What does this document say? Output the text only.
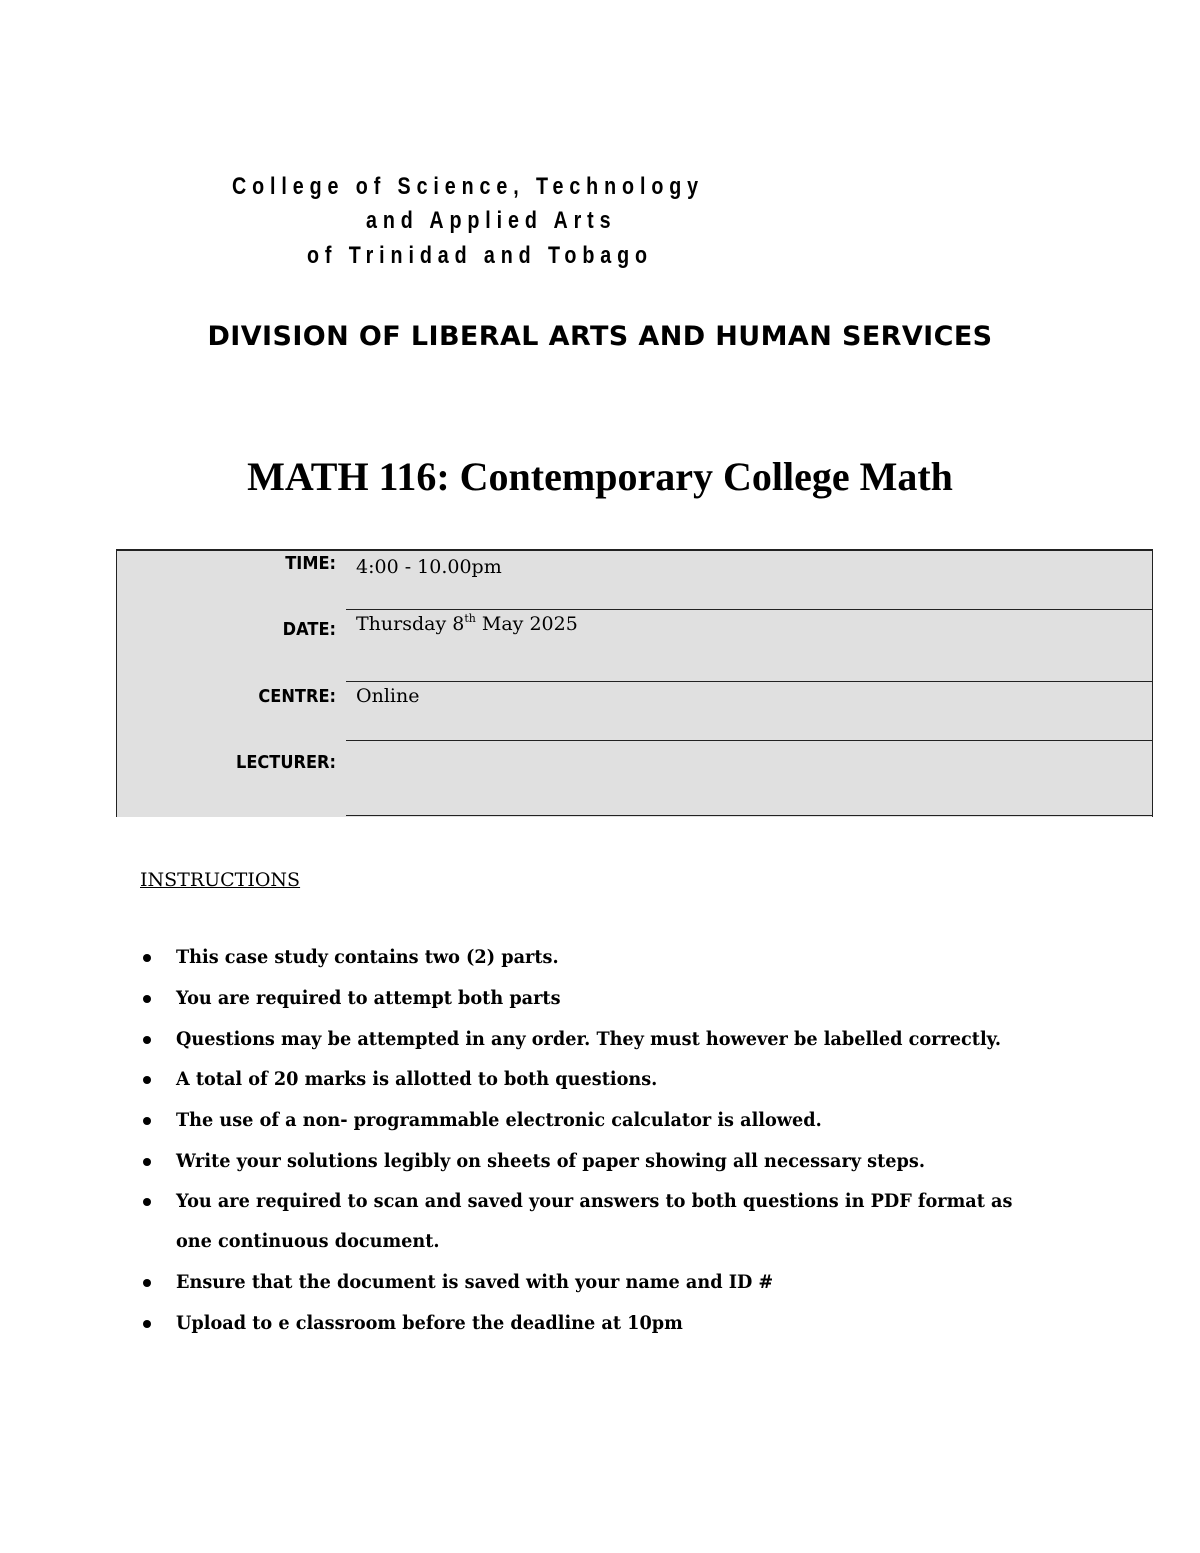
College of Science, Technology
and Applied Arts
of Trinidad and Tobago
DIVISION OF LIBERAL ARTS AND HUMAN SERVICES
MATH 116: Contemporary College Math
TIME: 4:00 - 10.00pm
DATE: Thursday 8th May 2025
CENTRE: Online
LECTURER:
INSTRUCTIONS
This case study contains two (2) parts.
You are required to attempt both parts
Questions may be attempted in any order. They must however be labelled correctly.
A total of 20 marks is allotted to both questions.
The use of a non- programmable electronic calculator is allowed.
Write your solutions legibly on sheets of paper showing all necessary steps.
You are required to scan and saved your answers to both questions in PDF format as
one continuous document.
Ensure that the document is saved with your name and ID #
Upload to e classroom before the deadline at 10pm
